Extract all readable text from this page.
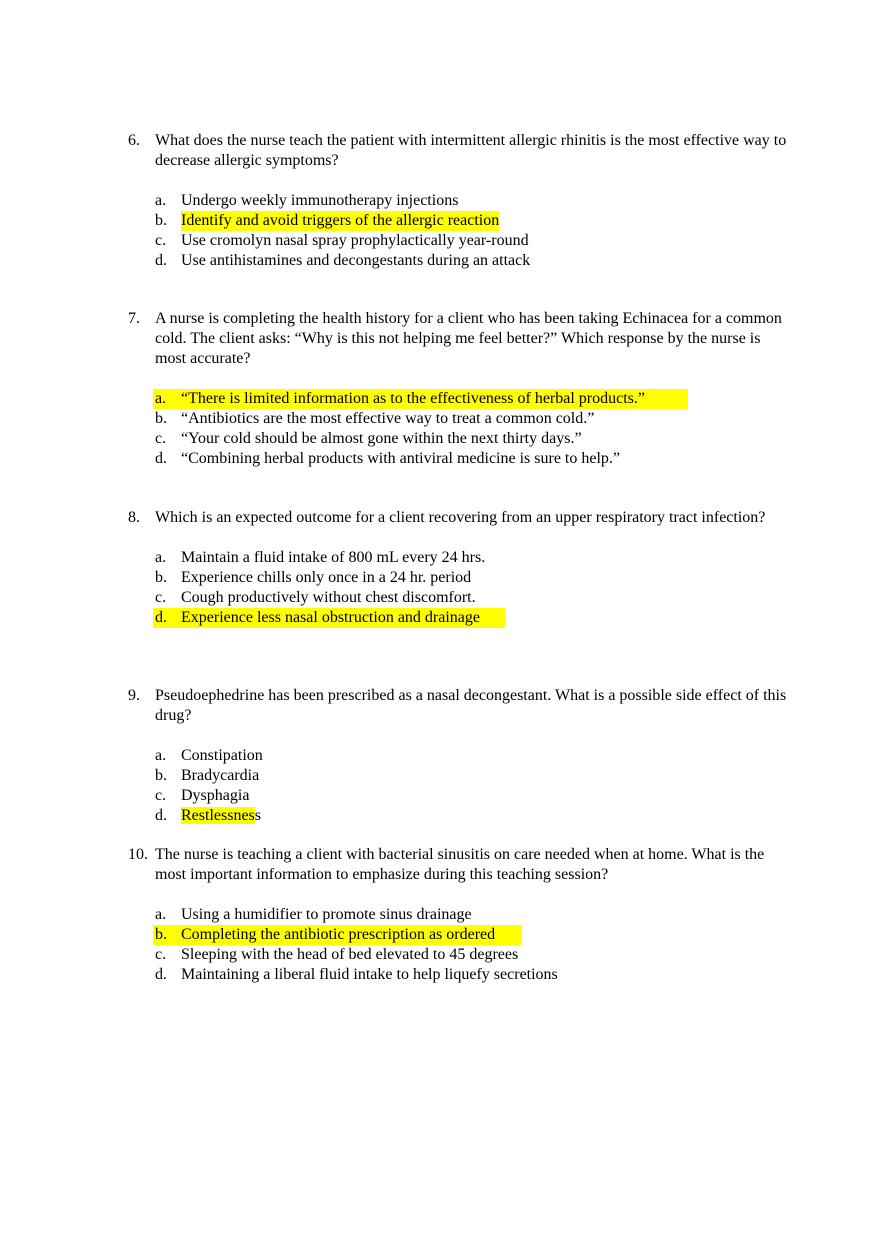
6. What does the nurse teach the patient with intermittent allergic rhinitis is the most effective way to decrease allergic symptoms?
a. Undergo weekly immunotherapy injections
b. Identify and avoid triggers of the allergic reaction
c. Use cromolyn nasal spray prophylactically year-round
d. Use antihistamines and decongestants during an attack
7. A nurse is completing the health history for a client who has been taking Echinacea for a common cold. The client asks: “Why is this not helping me feel better?” Which response by the nurse is most accurate?
a. “There is limited information as to the effectiveness of herbal products.”
b. “Antibiotics are the most effective way to treat a common cold.”
c. “Your cold should be almost gone within the next thirty days.”
d. “Combining herbal products with antiviral medicine is sure to help.”
8. Which is an expected outcome for a client recovering from an upper respiratory tract infection?
a. Maintain a fluid intake of 800 mL every 24 hrs.
b. Experience chills only once in a 24 hr. period
c. Cough productively without chest discomfort.
d. Experience less nasal obstruction and drainage
9. Pseudoephedrine has been prescribed as a nasal decongestant. What is a possible side effect of this drug?
a. Constipation
b. Bradycardia
c. Dysphagia
d. Restlessness
10. The nurse is teaching a client with bacterial sinusitis on care needed when at home. What is the most important information to emphasize during this teaching session?
a. Using a humidifier to promote sinus drainage
b. Completing the antibiotic prescription as ordered
c. Sleeping with the head of bed elevated to 45 degrees
d. Maintaining a liberal fluid intake to help liquefy secretions
